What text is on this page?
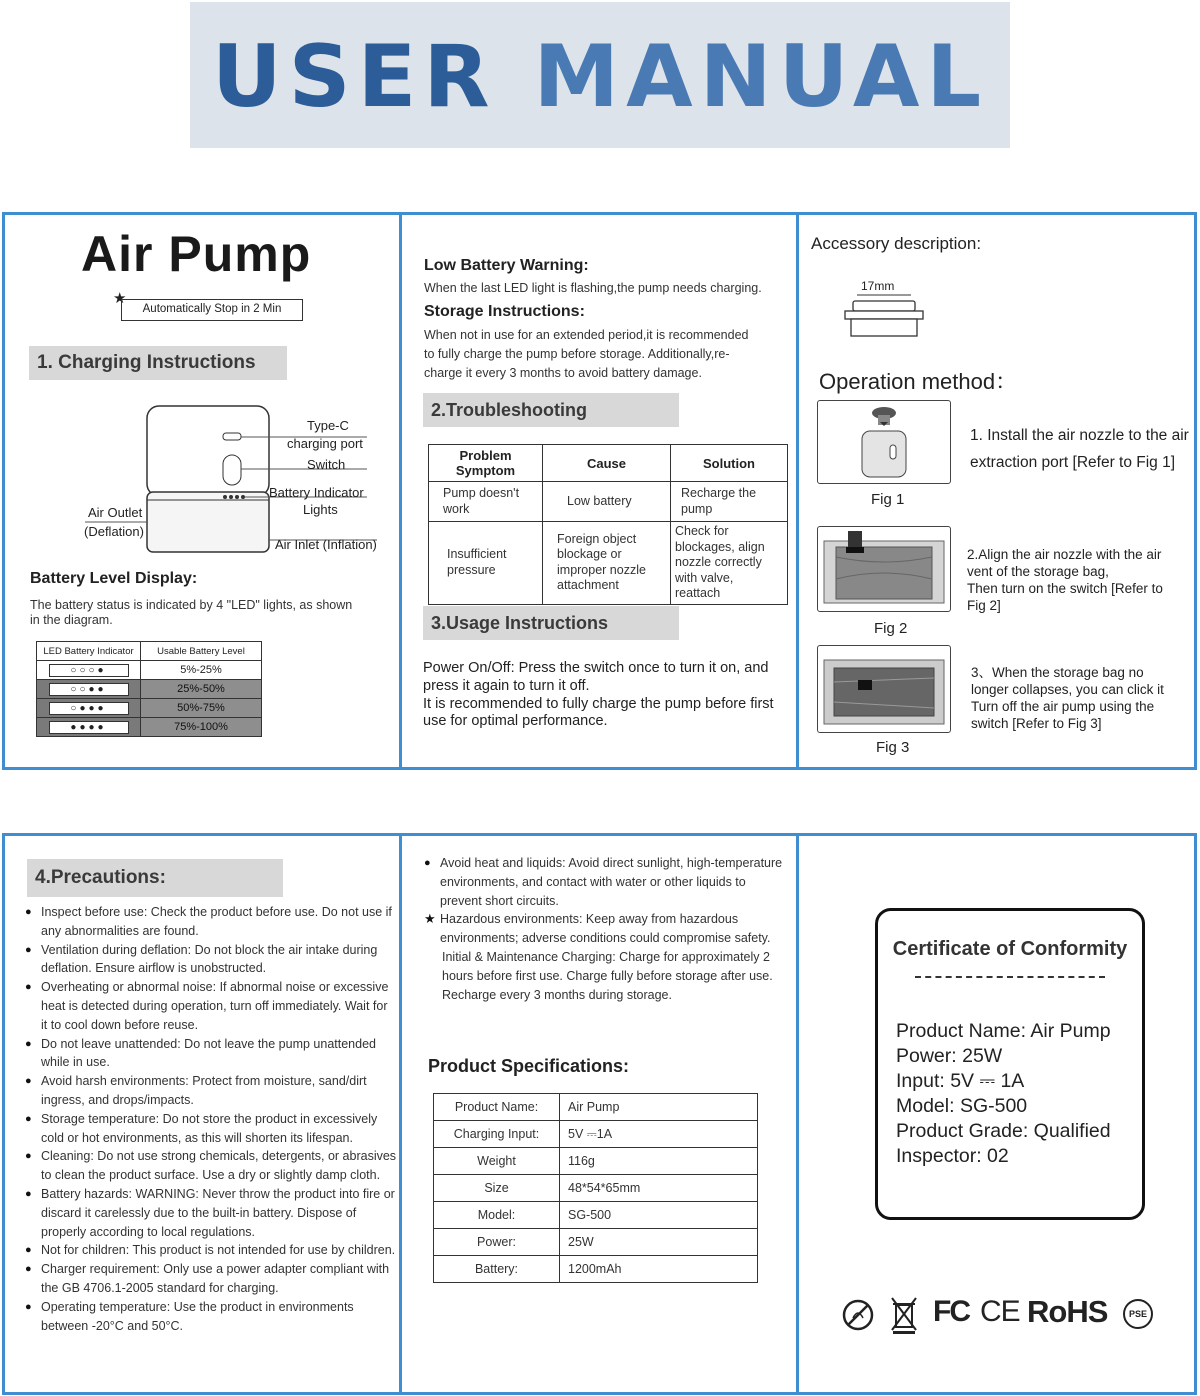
USER MANUAL
Air Pump
★
Automatically Stop in 2 Min
1. Charging Instructions
Type-C
charging port
Switch
Battery Indicator
Lights
Air Outlet
(Deflation)
Air Inlet (Inflation)
Battery Level Display:
The battery status is indicated by 4 "LED" lights, as shown
in the diagram.
LED Battery Indicator	Usable Battery Level
○○○●	5%-25%
○○●●	25%-50%
○●●●	50%-75%
●●●●	75%-100%
Low Battery Warning:
When the last LED light is flashing,the pump needs charging.
Storage Instructions:
When not in use for an extended period,it is recommended
to fully charge the pump before storage. Additionally,re-
charge it every 3 months to avoid battery damage.
2.Troubleshooting
Problem Symptom	Cause	Solution
Pump doesn't work	Low battery	Recharge the pump
Insufficient pressure	Foreign object blockage or improper nozzle attachment	Check for blockages, align nozzle correctly with valve, reattach
3.Usage Instructions
Power On/Off: Press the switch once to turn it on, and
press it again to turn it off.
It is recommended to fully charge the pump before first
use for optimal performance.
Accessory description:
17mm
Operation method：
Fig 1
1. Install the air nozzle to the air
extraction port [Refer to Fig 1]
Fig 2
2.Align the air nozzle with the air
vent of the storage bag,
Then turn on the switch [Refer to
Fig 2]
Fig 3
3、When the storage bag no
longer collapses, you can click it
Turn off the air pump using the
switch [Refer to Fig 3]
4.Precautions:
● Inspect before use: Check the product before use. Do not use if any abnormalities are found.
● Ventilation during deflation: Do not block the air intake during deflation. Ensure airflow is unobstructed.
● Overheating or abnormal noise: If abnormal noise or excessive heat is detected during operation, turn off immediately. Wait for it to cool down before reuse.
● Do not leave unattended: Do not leave the pump unattended while in use.
● Avoid harsh environments: Protect from moisture, sand/dirt ingress, and drops/impacts.
● Storage temperature: Do not store the product in excessively cold or hot environments, as this will shorten its lifespan.
● Cleaning: Do not use strong chemicals, detergents, or abrasives to clean the product surface. Use a dry or slightly damp cloth.
● Battery hazards: WARNING: Never throw the product into fire or discard it carelessly due to the built-in battery. Dispose of properly according to local regulations.
● Not for children: This product is not intended for use by children.
● Charger requirement: Only use a power adapter compliant with the GB 4706.1-2005 standard for charging.
● Operating temperature: Use the product in environments between -20°C and 50°C.
● Avoid heat and liquids: Avoid direct sunlight, high-temperature environments, and contact with water or other liquids to prevent short circuits.
★ Hazardous environments: Keep away from hazardous environments; adverse conditions could compromise safety.
Initial & Maintenance Charging: Charge for approximately 2 hours before first use. Charge fully before storage after use. Recharge every 3 months during storage.
Product Specifications:
Product Name:	Air Pump
Charging Input:	5V ⎓1A
Weight	116g
Size	48*54*65mm
Model:	SG-500
Power:	25W
Battery:	1200mAh
Certificate of Conformity
Product Name: Air Pump
Power: 25W
Input: 5V ⎓ 1A
Model: SG-500
Product Grade: Qualified
Inspector: 02
FC CE RoHS	PSE
